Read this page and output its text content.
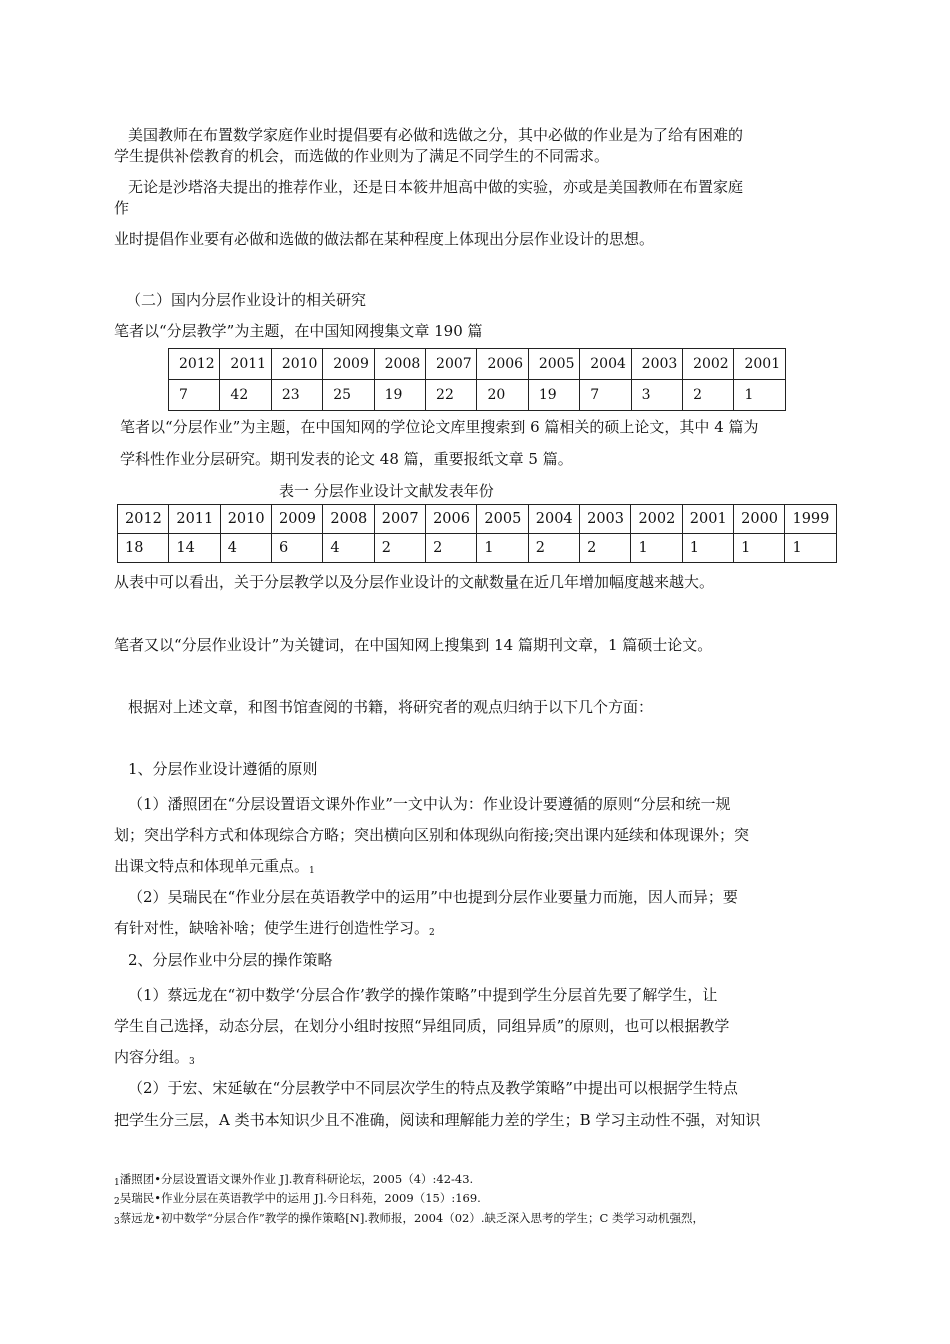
美国教师在布置数学家庭作业时提倡要有必做和选做之分，其中必做的作业是为了给有困难的
学生提供补偿教育的机会，而选做的作业则为了满足不同学生的不同需求。
无论是沙塔洛夫提出的推荐作业，还是日本筱井旭高中做的实验，亦或是美国教师在布置家庭
作
业时提倡作业要有必做和选做的做法都在某种程度上体现出分层作业设计的思想。
（二）国内分层作业设计的相关研究
笔者以“分层教学”为主题，在中国知网搜集文章 190 篇
2012	2011	2010	2009	2008	2007	2006	2005	2004	2003	2002	2001
7	42	23	25	19	22	20	19	7	3	2	1
笔者以“分层作业”为主题，在中国知网的学位论文库里搜索到 6 篇相关的硕上论文，其中 4 篇为
学科性作业分层研究。期刊发表的论文 48 篇，重要报纸文章 5 篇。
表一 分层作业设计文献发表年份
2012	2011	2010	2009	2008	2007	2006	2005	2004	2003	2002	2001	2000	1999
18	14	4	6	4	2	2	1	2	2	1	1	1	1
从表中可以看出，关于分层教学以及分层作业设计的文献数量在近几年增加幅度越来越大。
笔者又以“分层作业设计”为关键词，在中国知网上搜集到 14 篇期刊文章，1 篇硕士论文。
根据对上述文章，和图书馆查阅的书籍，将研究者的观点归纳于以下几个方面：
1、分层作业设计遵循的原则
（1）潘照团在“分层设置语文课外作业”一文中认为：作业设计要遵循的原则“分层和统一规
划；突出学科方式和体现综合方略；突出横向区别和体现纵向衔接;突出课内延续和体现课外；突
出课文特点和体现单元重点。$^1$
（2）吴瑞民在“作业分层在英语教学中的运用”中也提到分层作业要量力而施，因人而异；要
有针对性，缺啥补啥；使学生进行创造性学习。$^2$
2、分层作业中分层的操作策略
（1）蔡远龙在“初中数学‘分层合作’教学的操作策略”中提到学生分层首先要了解学生，让
学生自己选择，动态分层，在划分小组时按照“异组同质，同组异质”的原则，也可以根据教学
内容分组。$^3$
（2）于宏、宋延敏在“分层教学中不同层次学生的特点及教学策略”中提出可以根据学生特点
把学生分三层，A 类书本知识少且不准确，阅读和理解能力差的学生；B 学习主动性不强，对知识
$^1$潘照团•分层设置语文课外作业 J].教育科研论坛，2005（4）:42-43.
$^2$吴瑞民•作业分层在英语教学中的运用 J].今日科苑，2009（15）:169.
$^3$蔡远龙•初中数学“分层合作”教学的操作策略[N].教师报，2004（02）.缺乏深入思考的学生；C 类学习动机强烈，
